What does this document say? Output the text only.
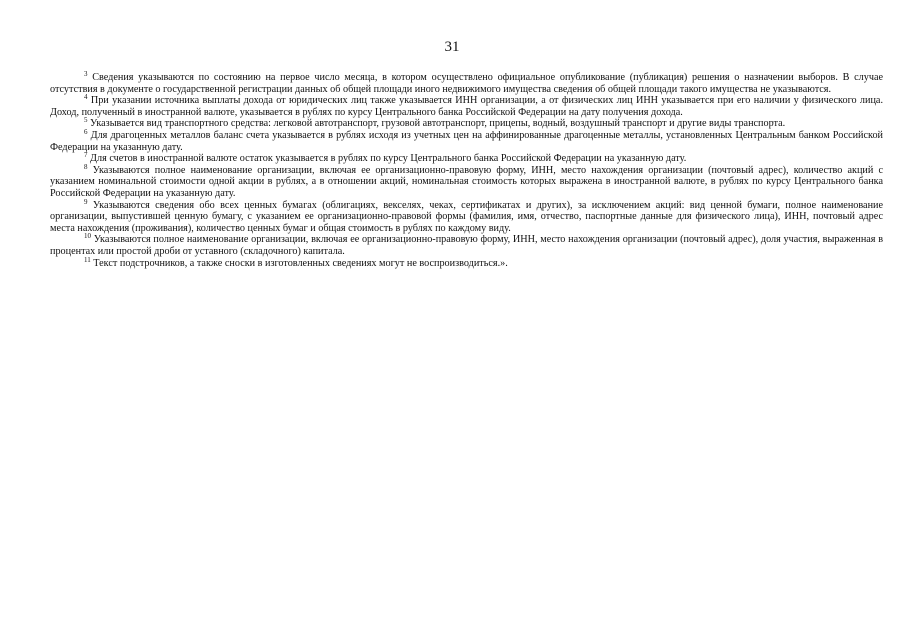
31

$^3$ Сведения указываются по состоянию на первое число месяца, в котором осуществлено официальное опубликование (публикация) решения о назначении выборов. В случае отсутствия в документе о государственной регистрации данных об общей площади иного недвижимого имущества сведения об общей площади такого имущества не указываются.

$^4$ При указании источника выплаты дохода от юридических лиц также указывается ИНН организации, а от физических лиц ИНН указывается при его наличии у физического лица. Доход, полученный в иностранной валюте, указывается в рублях по курсу Центрального банка Российской Федерации на дату получения дохода.

$^5$ Указывается вид транспортного средства: легковой автотранспорт, грузовой автотранспорт, прицепы, водный, воздушный транспорт и другие виды транспорта.

$^6$ Для драгоценных металлов баланс счета указывается в рублях исходя из учетных цен на аффинированные драгоценные металлы, установленных Центральным банком Российской Федерации на указанную дату.

$^7$ Для счетов в иностранной валюте остаток указывается в рублях по курсу Центрального банка Российской Федерации на указанную дату.

$^8$ Указываются полное наименование организации, включая ее организационно-правовую форму, ИНН, место нахождения организации (почтовый адрес), количество акций с указанием номинальной стоимости одной акции в рублях, а в отношении акций, номинальная стоимость которых выражена в иностранной валюте, в рублях по курсу Центрального банка Российской Федерации на указанную дату.

$^9$ Указываются сведения обо всех ценных бумагах (облигациях, векселях, чеках, сертификатах и других), за исключением акций: вид ценной бумаги, полное наименование организации, выпустившей ценную бумагу, с указанием ее организационно-правовой формы (фамилия, имя, отчество, паспортные данные для физического лица), ИНН, почтовый адрес места нахождения (проживания), количество ценных бумаг и общая стоимость в рублях по каждому виду.

$^{10}$ Указываются полное наименование организации, включая ее организационно-правовую форму, ИНН, место нахождения организации (почтовый адрес), доля участия, выраженная в процентах или простой дроби от уставного (складочного) капитала.

$^{11}$ Текст подстрочников, а также сноски в изготовленных сведениях могут не воспроизводиться.».
